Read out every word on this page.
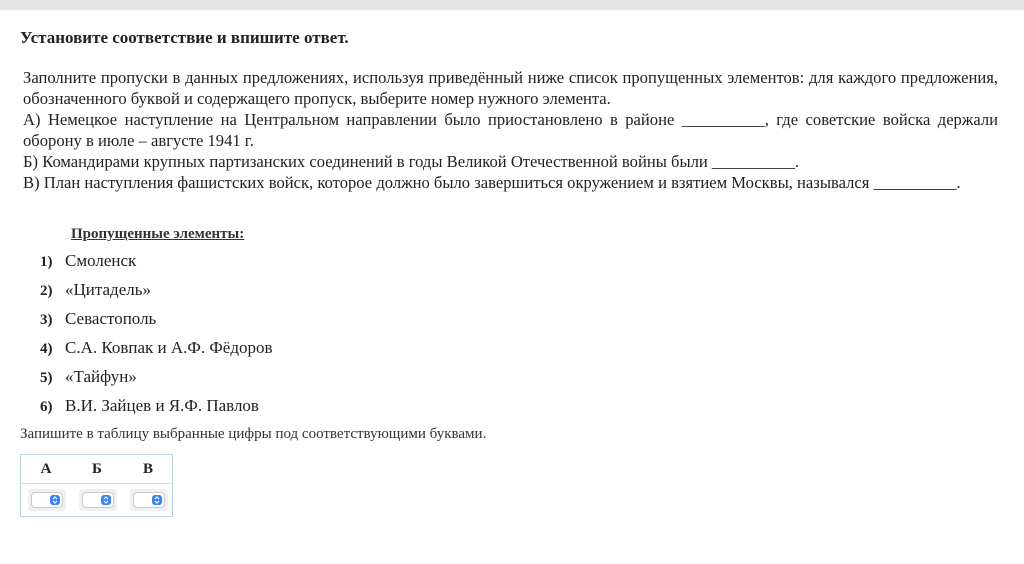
Установите соответствие и впишите ответ.
Заполните пропуски в данных предложениях, используя приведённый ниже список пропущенных элементов: для каждого предложения, обозначенного буквой и содержащего пропуск, выберите номер нужного элемента.
А) Немецкое наступление на Центральном направлении было приостановлено в районе __________, где советские войска держали оборону в июле – августе 1941 г.
Б) Командирами крупных партизанских соединений в годы Великой Отечественной войны были __________.
В) План наступления фашистских войск, которое должно было завершиться окружением и взятием Москвы, назывался __________.
Пропущенные элементы:
1) Смоленск
2) «Цитадель»
3) Севастополь
4) С.А. Ковпак и А.Ф. Фёдоров
5) «Тайфун»
6) В.И. Зайцев и Я.Ф. Павлов
Запишите в таблицу выбранные цифры под соответствующими буквами.
А	Б	В
